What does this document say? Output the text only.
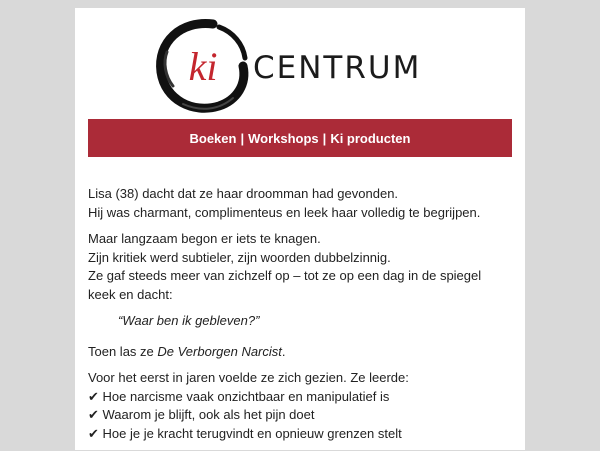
ki CENTRUM
Boeken | Workshops | Ki producten

Lisa (38) dacht dat ze haar droomman had gevonden.
Hij was charmant, complimenteus en leek haar volledig te begrijpen.

Maar langzaam begon er iets te knagen.
Zijn kritiek werd subtieler, zijn woorden dubbelzinnig.
Ze gaf steeds meer van zichzelf op – tot ze op een dag in de spiegel keek en dacht:

“Waar ben ik gebleven?”

Toen las ze De Verborgen Narcist.

Voor het eerst in jaren voelde ze zich gezien. Ze leerde:
✔ Hoe narcisme vaak onzichtbaar en manipulatief is
✔ Waarom je blijft, ook als het pijn doet
✔ Hoe je je kracht terugvindt en opnieuw grenzen stelt
